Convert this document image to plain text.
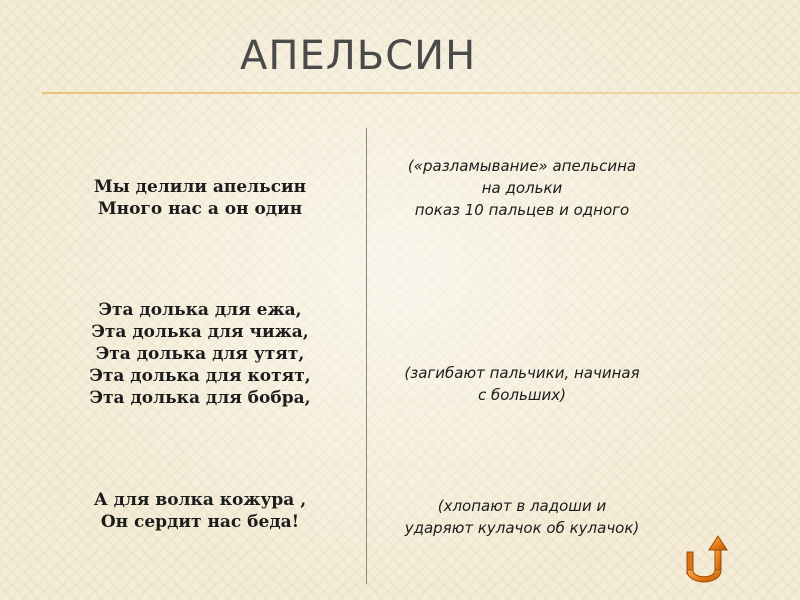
АПЕЛЬСИН

Мы делили апельсин

Много нас а он один

(«разламывание» апельсина

на дольки

показ 10 пальцев и одного

Эта долька для ежа,

Эта долька для чижа,

Эта долька для утят,

Эта долька для котят,

Эта долька для бобра,

(загибают пальчики, начиная

с больших)

А для волка кожура ,

Он сердит нас беда!

(хлопают в ладоши и

ударяют кулачок об кулачок)
